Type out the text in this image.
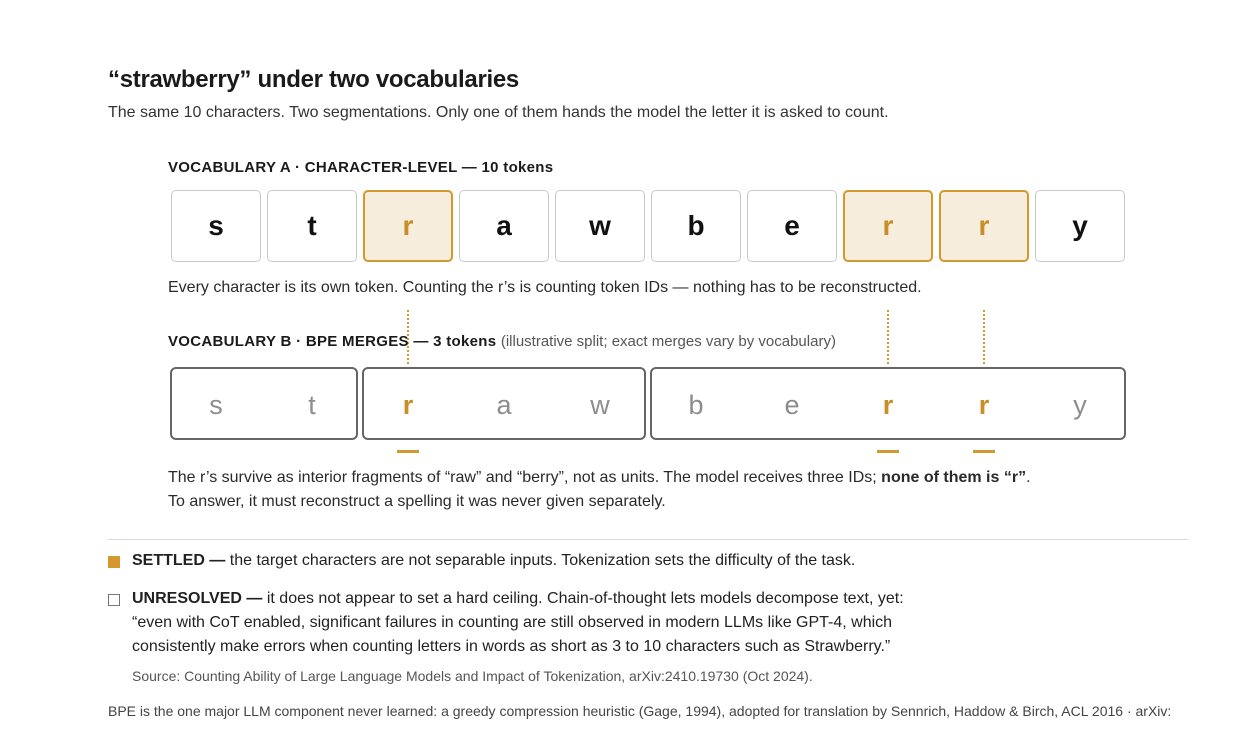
“strawberry” under two vocabularies
The same 10 characters. Two segmentations. Only one of them hands the model the letter it is asked to count.
VOCABULARY A · CHARACTER-LEVEL — 10 tokens
s	t	r	a	w	b	e	r	r	y
Every character is its own token. Counting the r’s is counting token IDs — nothing has to be reconstructed.
VOCABULARY B · BPE MERGES — 3 tokens (illustrative split; exact merges vary by vocabulary)
s	t	r	a	w	b	e	r	r	y
The r’s survive as interior fragments of “raw” and “berry”, not as units. The model receives three IDs; none of them is “r”.
To answer, it must reconstruct a spelling it was never given separately.
SETTLED — the target characters are not separable inputs. Tokenization sets the difficulty of the task.
UNRESOLVED — it does not appear to set a hard ceiling. Chain-of-thought lets models decompose text, yet:
“even with CoT enabled, significant failures in counting are still observed in modern LLMs like GPT-4, which
consistently make errors when counting letters in words as short as 3 to 10 characters such as Strawberry.”
Source: Counting Ability of Large Language Models and Impact of Tokenization, arXiv:2410.19730 (Oct 2024).
BPE is the one major LLM component never learned: a greedy compression heuristic (Gage, 1994), adopted for translation by Sennrich, Haddow & Birch, ACL 2016 · arXiv:
